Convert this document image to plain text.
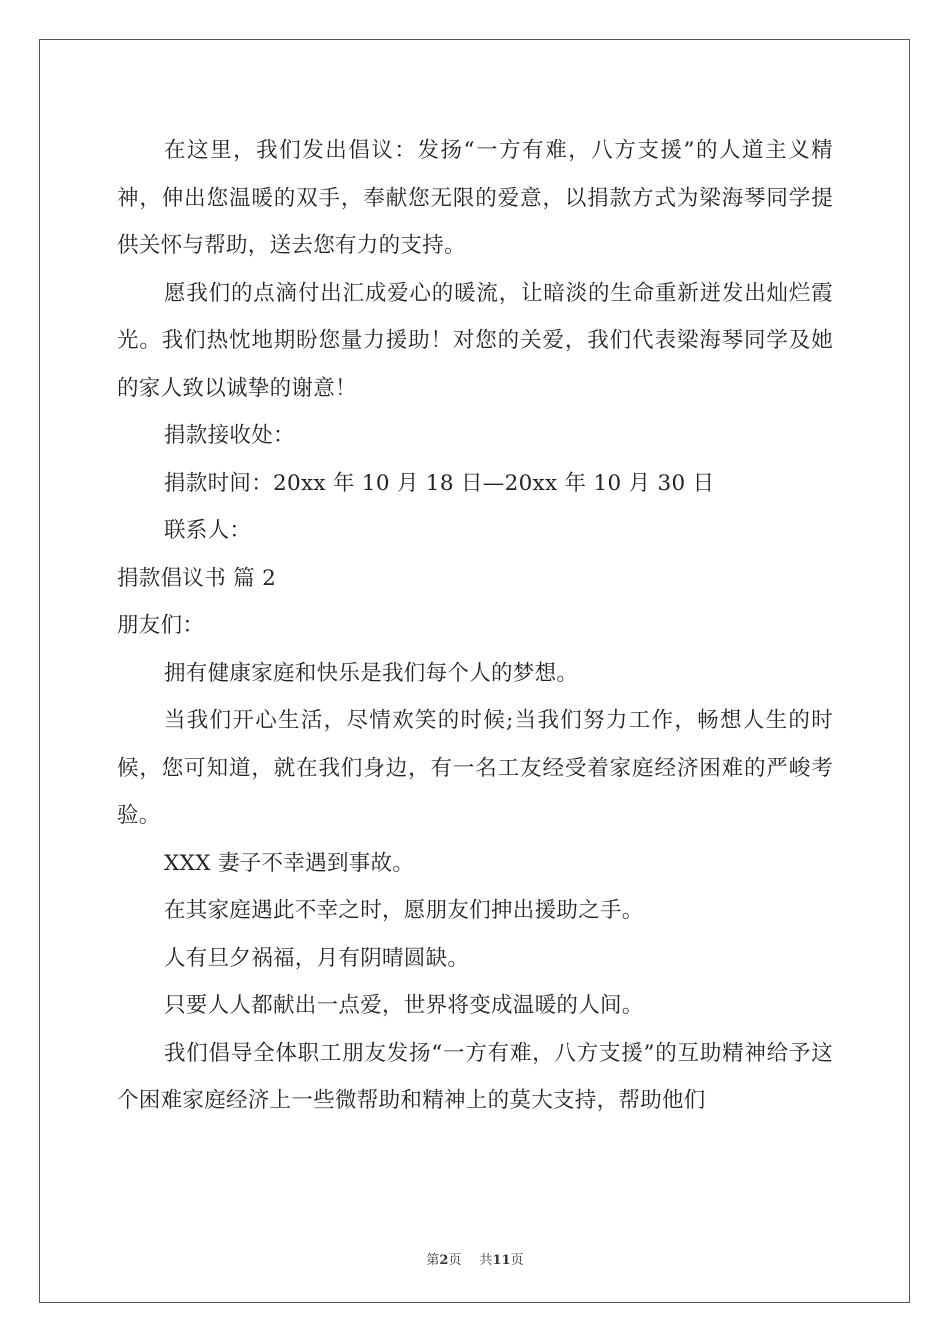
在这里，我们发出倡议：发扬“一方有难，八方支援”的人道主义精神，伸出您温暖的双手，奉献您无限的爱意，以捐款方式为梁海琴同学提供关怀与帮助，送去您有力的支持。

愿我们的点滴付出汇成爱心的暖流，让暗淡的生命重新迸发出灿烂霞光。我们热忱地期盼您量力援助！对您的关爱，我们代表梁海琴同学及她的家人致以诚挚的谢意！

捐款接收处：

捐款时间：20xx 年 10 月 18 日—20xx 年 10 月 30 日

联系人：

捐款倡议书 篇 2

朋友们：

拥有健康家庭和快乐是我们每个人的梦想。

当我们开心生活，尽情欢笑的时候;当我们努力工作，畅想人生的时候，您可知道，就在我们身边，有一名工友经受着家庭经济困难的严峻考验。

XXX 妻子不幸遇到事故。

在其家庭遇此不幸之时，愿朋友们抻出援助之手。

人有旦夕祸福，月有阴晴圆缺。

只要人人都献出一点爱，世界将变成温暖的人间。

我们倡导全体职工朋友发扬“一方有难，八方支援”的互助精神给予这个困难家庭经济上一些微帮助和精神上的莫大支持，帮助他们

第2页 共11页
